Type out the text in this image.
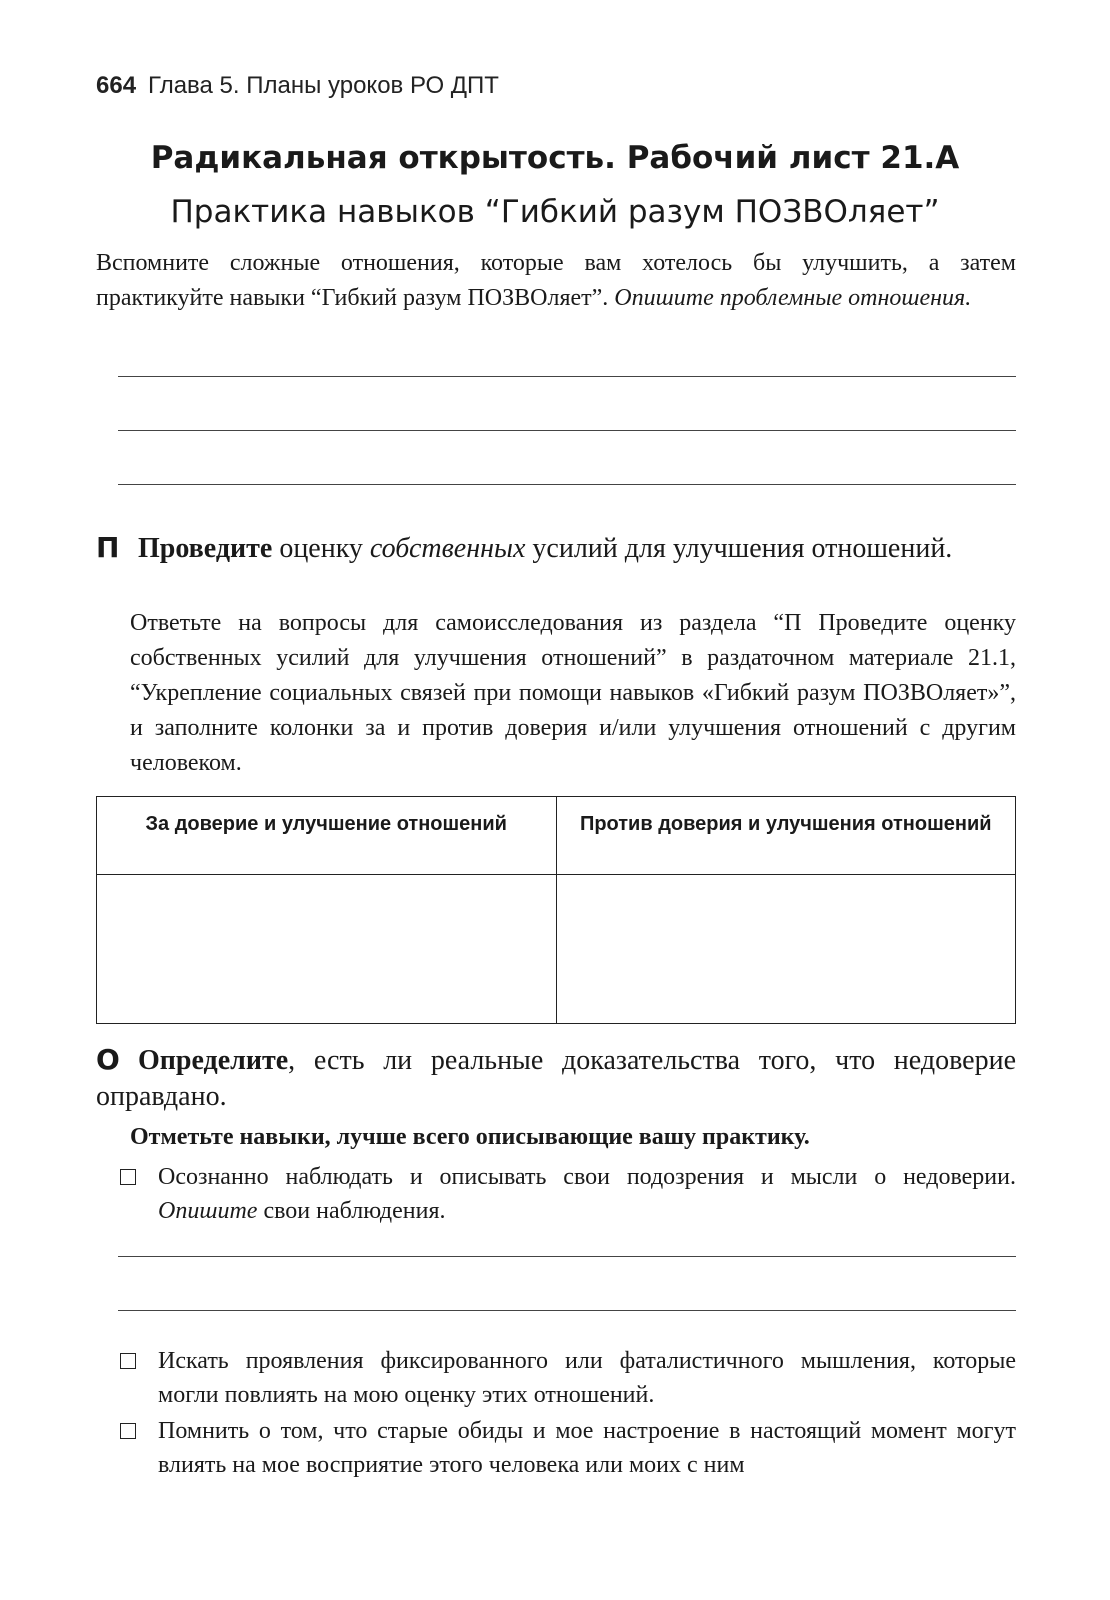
664 Глава 5. Планы уроков РО ДПТ
Радикальная открытость. Рабочий лист 21.А
Практика навыков “Гибкий разум ПОЗВОляет”
Вспомните сложные отношения, которые вам хотелось бы улучшить, а затем практикуйте навыки “Гибкий разум ПОЗВОляет”. Опишите проблемные отношения.
П Проведите оценку собственных усилий для улучшения отношений.
Ответьте на вопросы для самоисследования из раздела “П Проведите оценку собственных усилий для улучшения отношений” в раздаточном материале 21.1, “Укрепление социальных связей при помощи навыков «Гибкий разум ПОЗВОляет»”, и заполните колонки за и против доверия и/или улучшения отношений с другим человеком.
За доверие и улучшение отношений	Против доверия и улучшения отношений

О Определите, есть ли реальные доказательства того, что недоверие оправдано.
Отметьте навыки, лучше всего описывающие вашу практику.
Осознанно наблюдать и описывать свои подозрения и мысли о недоверии. Опишите свои наблюдения.
Искать проявления фиксированного или фаталистичного мышления, которые могли повлиять на мою оценку этих отношений.
Помнить о том, что старые обиды и мое настроение в настоящий момент могут влиять на мое восприятие этого человека или моих с ним
